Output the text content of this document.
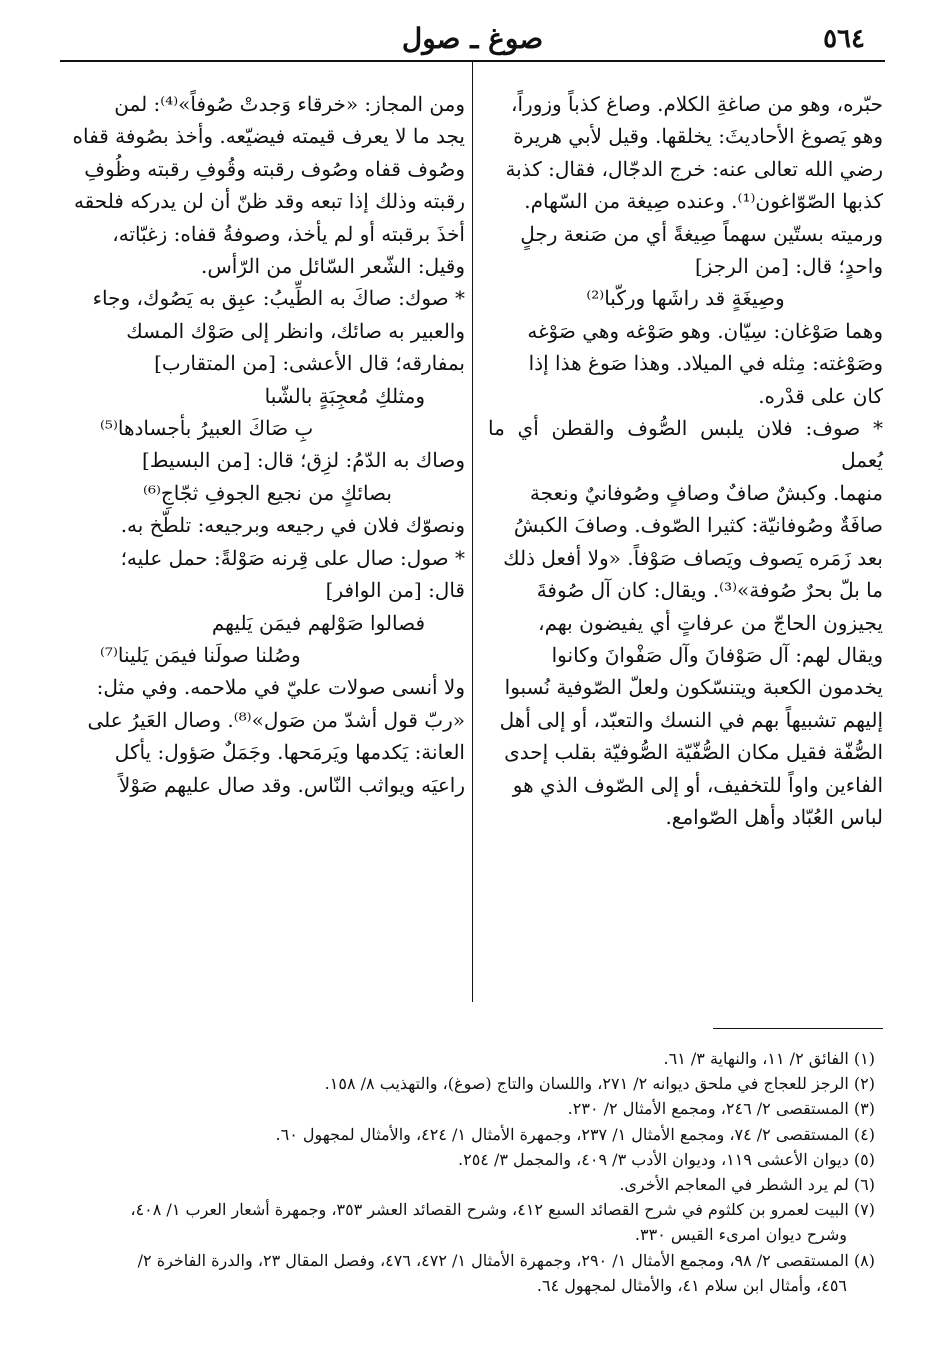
٥٦٤
صوغ ـ صول

حبّره، وهو من صاغةِ الكلام. وصاغ كذباً وزوراً،

وهو يَصوغ الأحاديثَ: يخلقها. وقيل لأبي هريرة

رضي الله تعالى عنه: خرج الدجّال، فقال: كذبة

كذبها الصّوّاغون⁽¹⁾. وعنده صِيغة من السّهام.

ورميته بستّين سهماً صِيغةً أي من صَنعة رجلٍ

واحدٍ؛ قال: [من الرجز]

وصِيغَةٍ قد راشَها وركّبا⁽²⁾

وهما صَوْغان: سِيّان. وهو صَوْغه وهي صَوْغه

وصَوْغته: مِثله في الميلاد. وهذا صَوغ هذا إذا

كان على قدْره.

* صوف: فلان يلبس الصُّوف والقطن أي ما يُعمل

منهما. وكبشٌ صافٌ وصافٍ وصُوفانيٌ ونعجة

صافَةٌ وصُوفانيّة: كثيرا الصّوف. وصافَ الكبشُ

بعد زَمَره يَصوف ويَصاف صَوْفاً. «ولا أفعل ذلك

ما بلّ بحرٌ صُوفة»⁽³⁾. ويقال: كان آل صُوفةَ

يجيزون الحاجّ من عرفاتٍ أي يفيضون بهم،

ويقال لهم: آل صَوْفانَ وآل صَفْوانَ وكانوا

يخدمون الكعبة ويتنسّكون ولعلّ الصّوفية نُسبوا

إليهم تشبيهاً بهم في النسك والتعبّد، أو إلى أهل

الصُّفّة فقيل مكان الصُّفّيّة الصُّوفيّة بقلب إحدى

الفاءين واواً للتخفيف، أو إلى الصّوف الذي هو

لباس العُبّاد وأهل الصّوامع.

ومن المجاز: «خرقاء وَجدتْ صُوفاً»⁽⁴⁾: لمن

يجد ما لا يعرف قيمته فيضيّعه. وأخذ بصُوفة قفاه

وصُوف قفاه وصُوف رقبته وقُوفِ رقبته وظُوفِ

رقبته وذلك إذا تبعه وقد ظنّ أن لن يدركه فلحقه

أخذَ برقبته أو لم يأخذ، وصوفةُ قفاه: زغبّاته،

وقيل: الشّعر السّائل من الرّأس.

* صوك: صاكَ به الطِّيبُ: عبِق به يَصُوك، وجاء

والعبير به صائك، وانظر إلى صَوْك المسك

بمفارقه؛ قال الأعشى: [من المتقارب]

ومثلكِ مُعجِبَةٍ بالشّبا

بِ صَاكَ العبيرُ بأجسادها⁽⁵⁾

وصاك به الدّمُ: لزِق؛ قال: [من البسيط]

بصائكٍ من نجيع الجوفِ ثجّاجِ⁽⁶⁾

ونصوّك فلان في رجيعه وبرجيعه: تلطّخ به.

* صول: صال على قِرنه صَوْلةً: حمل عليه؛

قال: [من الوافر]

فصالوا صَوْلهم فيمَن يَليهم

وصُلنا صولَنا فيمَن يَلينا⁽⁷⁾

ولا أنسى صولات عليّ في ملاحمه. وفي مثل:

«ربّ قول أشدّ من صَول»⁽⁸⁾. وصال العَيرُ على

العانة: يَكدمها ويَرمَحها. وجَمَلٌ صَؤول: يأكل

راعيَه ويواثب النّاس. وقد صال عليهم صَوْلاً

(١) الفائق ٢/ ١١، والنهاية ٣/ ٦١.

(٢) الرجز للعجاج في ملحق ديوانه ٢/ ٢٧١، واللسان والتاج (صوغ)، والتهذيب ٨/ ١٥٨.

(٣) المستقصى ٢/ ٢٤٦، ومجمع الأمثال ٢/ ٢٣٠.

(٤) المستقصى ٢/ ٧٤، ومجمع الأمثال ١/ ٢٣٧، وجمهرة الأمثال ١/ ٤٢٤، والأمثال لمجهول ٦٠.

(٥) ديوان الأعشى ١١٩، وديوان الأدب ٣/ ٤٠٩، والمجمل ٣/ ٢٥٤.

(٦) لم يرد الشطر في المعاجم الأخرى.

(٧) البيت لعمرو بن كلثوم في شرح القصائد السبع ٤١٢، وشرح القصائد العشر ٣٥٣، وجمهرة أشعار العرب ١/ ٤٠٨،

وشرح ديوان امرىء القيس ٣٣٠.

(٨) المستقصى ٢/ ٩٨، ومجمع الأمثال ١/ ٢٩٠، وجمهرة الأمثال ١/ ٤٧٢، ٤٧٦، وفصل المقال ٢٣، والدرة الفاخرة ٢/

٤٥٦، وأمثال ابن سلام ٤١، والأمثال لمجهول ٦٤.
